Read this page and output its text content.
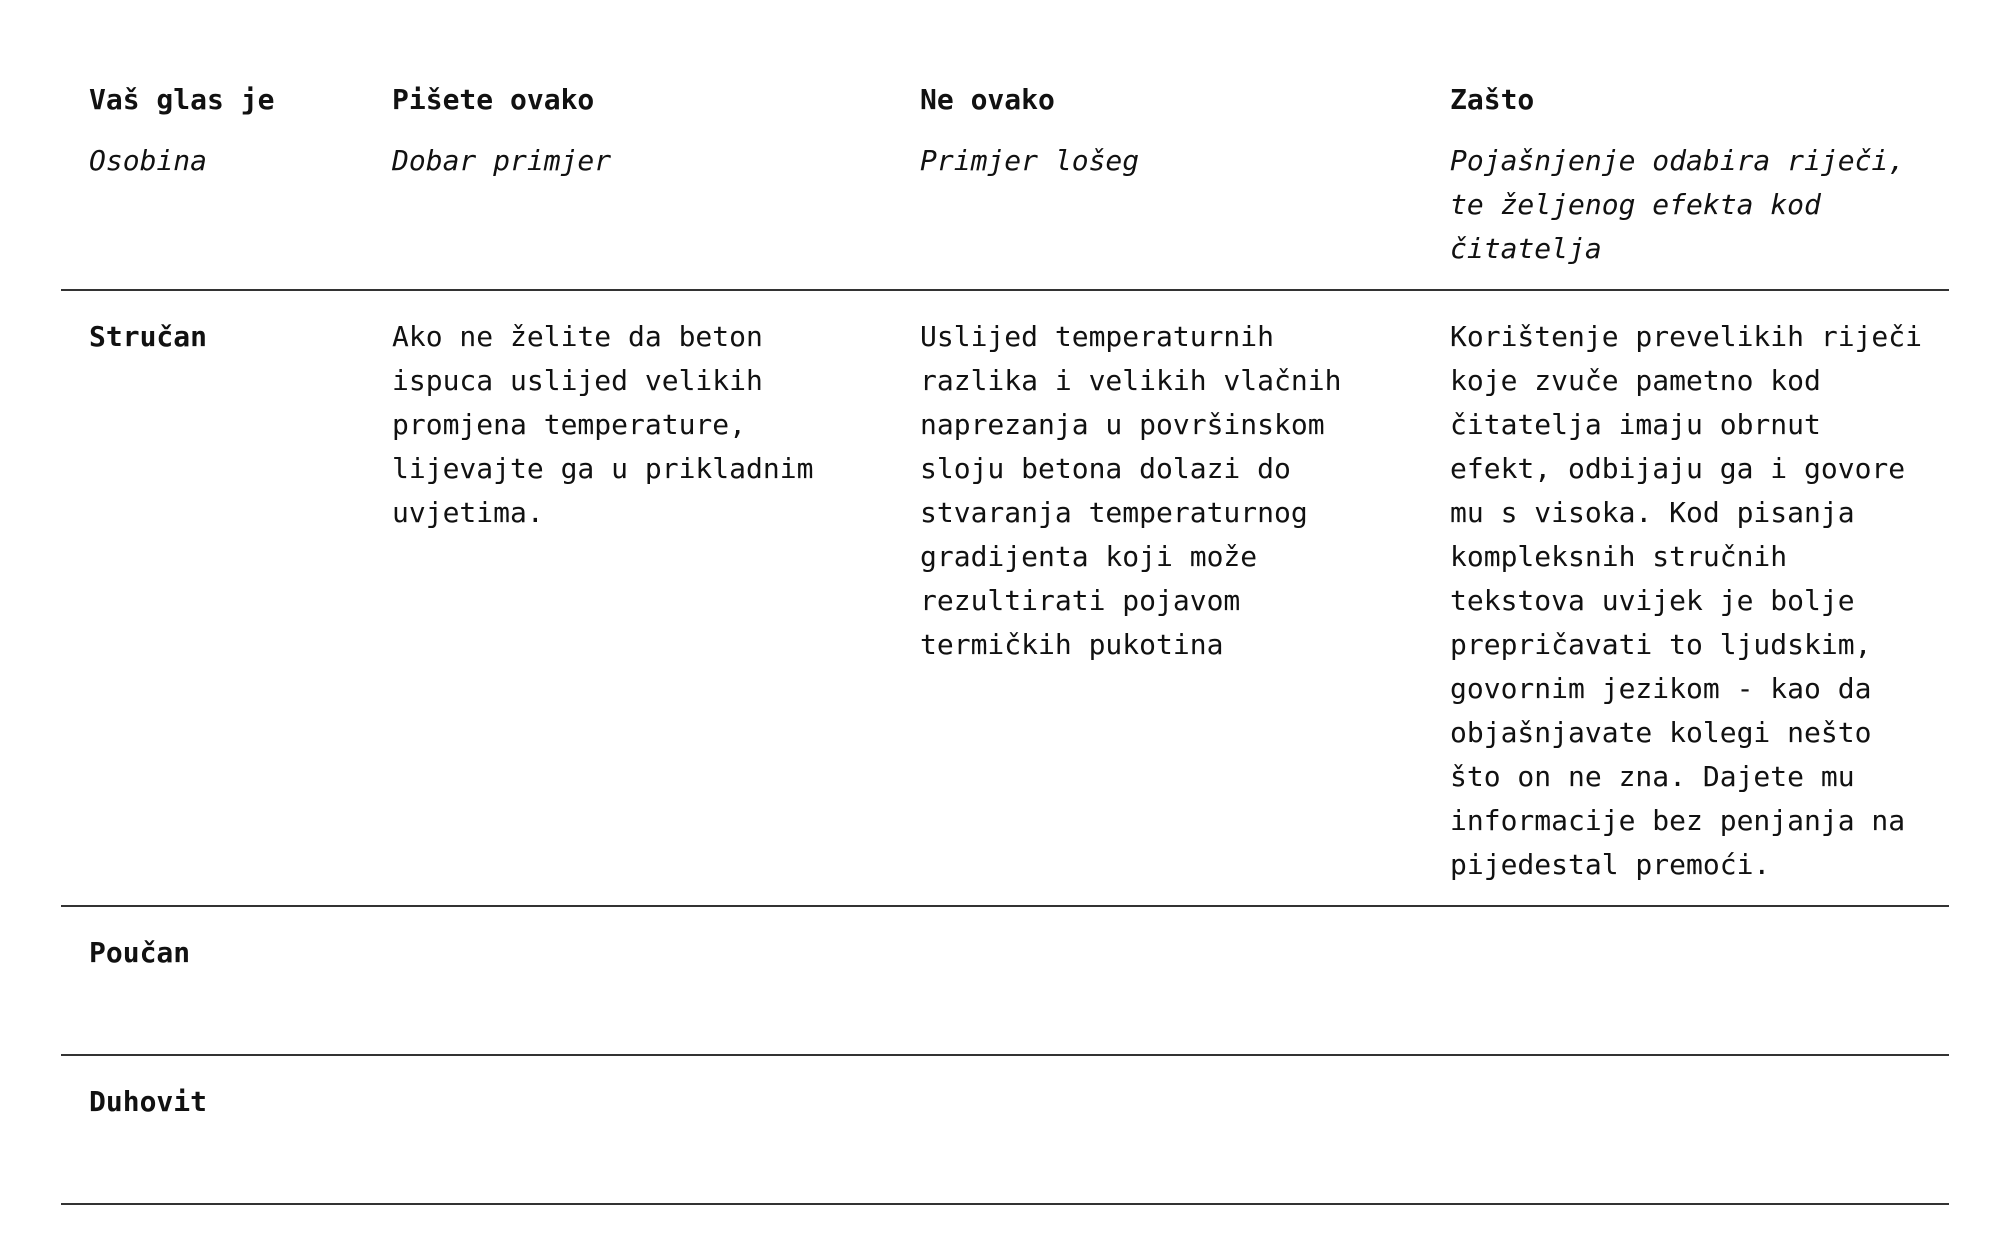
Vaš glas je
Osobina
Pišete ovako
Dobar primjer
Ne ovako
Primjer lošeg
Zašto
Pojašnjenje odabira riječi, te željenog efekta kod čitatelja
Stručan	Ako ne želite da beton ispuca uslijed velikih promjena temperature, lijevajte ga u prikladnim uvjetima.
Uslijed temperaturnih razlika i velikih vlačnih naprezanja u površinskom sloju betona dolazi do stvaranja temperaturnog gradijenta koji može rezultirati pojavom termičkih pukotina
Korištenje prevelikih riječi koje zvuče pametno kod čitatelja imaju obrnut efekt, odbijaju ga i govore mu s visoka. Kod pisanja kompleksnih stručnih tekstova uvijek je bolje prepričavati to ljudskim, govornim jezikom - kao da objašnjavate kolegi nešto što on ne zna. Dajete mu informacije bez penjanja na pijedestal premoći.
Poučan
Duhovit
